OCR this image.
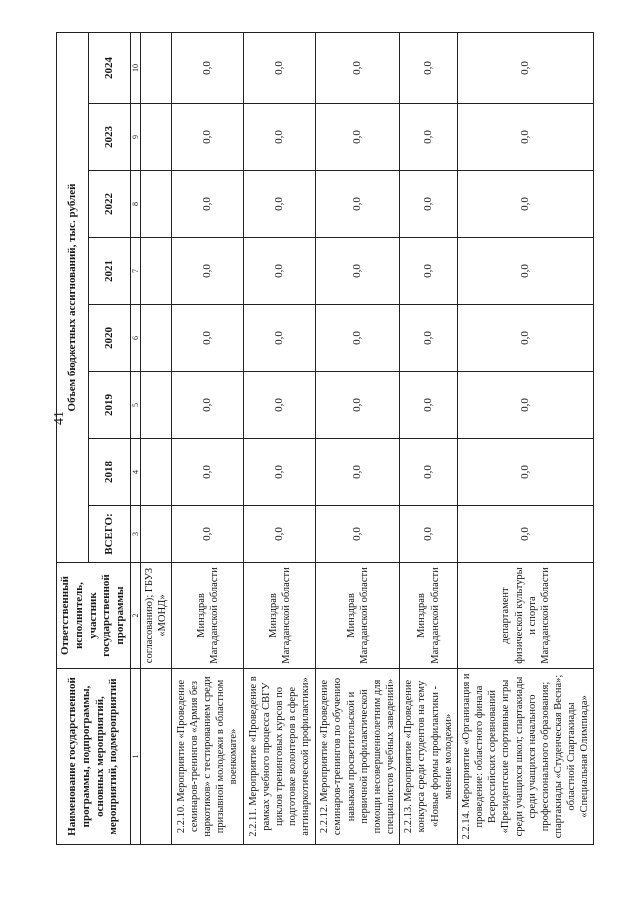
41
Наименование государственной программы, подпрограммы, основных мероприятий, мероприятий, подмероприятий	Ответственный исполнитель, участник государственной программы	Объем бюджетных ассигнований, тыс. рублей							
		ВСЕГО:	2018	2019	2020	2021	2022	2023	2024
1	2	3	4	5	6	7	8	9	10
	согласованию); ГБУЗ «МОНД»								
2.2.10. Мероприятие «Проведение семинаров-тренингов «Армия без наркотиков» с тестированием среди призывной молодежи в областном военкомате»	Минздрав Магаданской области	0,0	0,0	0,0	0,0	0,0	0,0	0,0	0,0
2.2.11. Мероприятие «Проведение в рамках учебного процесса СВГУ циклов тренинговых курсов по подготовке волонтеров в сфере антинаркотической профилактики»	Минздрав Магаданской области	0,0	0,0	0,0	0,0	0,0	0,0	0,0	0,0
2.2.12. Мероприятие «Проведение семинаров-тренингов по обучению навыкам просветительской и первичной профилактической помощи несовершеннолетним для специалистов учебных заведений»	Минздрав Магаданской области	0,0	0,0	0,0	0,0	0,0	0,0	0,0	0,0
2.2.13. Мероприятие «Проведение конкурса среди студентов на тему «Новые формы профилактики - мнение молодежи»	Минздрав Магаданской области	0,0	0,0	0,0	0,0	0,0	0,0	0,0	0,0
2.2.14. Мероприятие «Организация и проведение: областного финала Всероссийских соревнований «Президентские спортивные игры среди учащихся школ; спартакиады среди учащихся начального профессионального образования; спартакиады «Студенческая Весна»; областной Спартакиады «Специальная Олимпиада»	департамент физической культуры и спорта Магаданской области	0,0	0,0	0,0	0,0	0,0	0,0	0,0	0,0
